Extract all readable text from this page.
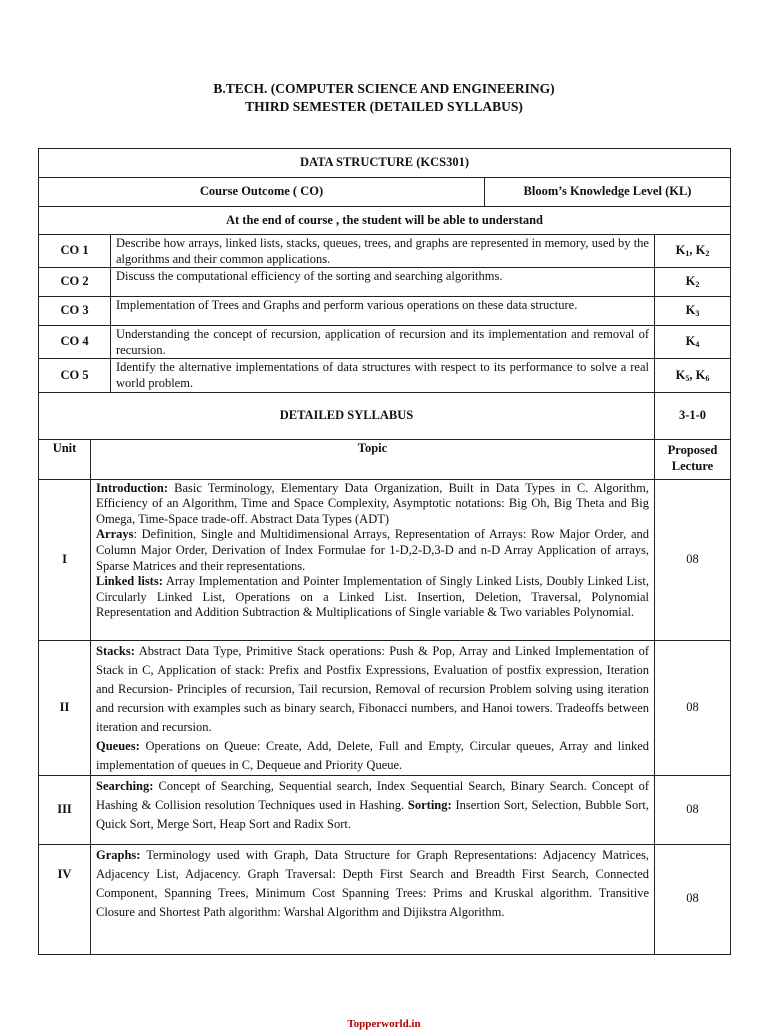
B.TECH. (COMPUTER SCIENCE AND ENGINEERING)
THIRD SEMESTER (DETAILED SYLLABUS)
DATA STRUCTURE (KCS301)				
Course Outcome ( CO)			Bloom’s Knowledge Level (KL)	
At the end of course , the student will be able to understand				
CO 1		Describe how arrays, linked lists, stacks, queues, trees, and graphs are represented in memory, used by the algorithms and their common applications.		$K_1$, $K_2$
CO 2		Discuss the computational efficiency of the sorting and searching algorithms.		$K_2$
CO 3		Implementation of Trees and Graphs and perform various operations on these data structure.		$K_3$
CO 4		Understanding the concept of recursion, application of recursion and its implementation and removal of recursion.		$K_4$
CO 5		Identify the alternative implementations of data structures with respect to its performance to solve a real world problem.		$K_5$, $K_6$
DETAILED SYLLABUS				3-1-0
Unit	Topic			Proposed Lecture
I	Introduction: Basic Terminology, Elementary Data Organization, Built in Data Types in C. Algorithm, Efficiency of an Algorithm, Time and Space Complexity, Asymptotic notations: Big Oh, Big Theta and Big Omega, Time-Space trade-off. Abstract Data Types (ADT)
Arrays: Definition, Single and Multidimensional Arrays, Representation of Arrays: Row Major Order, and Column Major Order, Derivation of Index Formulae for 1-D,2-D,3-D and n-D Array Application of arrays, Sparse Matrices and their representations.
Linked lists: Array Implementation and Pointer Implementation of Singly Linked Lists, Doubly Linked List, Circularly Linked List, Operations on a Linked List. Insertion, Deletion, Traversal, Polynomial Representation and Addition Subtraction & Multiplications of Single variable & Two variables Polynomial.			08
II	Stacks: Abstract Data Type, Primitive Stack operations: Push & Pop, Array and Linked Implementation of Stack in C, Application of stack: Prefix and Postfix Expressions, Evaluation of postfix expression, Iteration and Recursion- Principles of recursion, Tail recursion, Removal of recursion Problem solving using iteration and recursion with examples such as binary search, Fibonacci numbers, and Hanoi towers. Tradeoffs between iteration and recursion.
Queues: Operations on Queue: Create, Add, Delete, Full and Empty, Circular queues, Array and linked implementation of queues in C, Dequeue and Priority Queue.			08
III	Searching: Concept of Searching, Sequential search, Index Sequential Search, Binary Search. Concept of Hashing & Collision resolution Techniques used in Hashing. Sorting: Insertion Sort, Selection, Bubble Sort, Quick Sort, Merge Sort, Heap Sort and Radix Sort.			08
IV	Graphs: Terminology used with Graph, Data Structure for Graph Representations: Adjacency Matrices, Adjacency List, Adjacency. Graph Traversal: Depth First Search and Breadth First Search, Connected Component, Spanning Trees, Minimum Cost Spanning Trees: Prims and Kruskal algorithm. Transitive Closure and Shortest Path algorithm: Warshal Algorithm and Dijikstra Algorithm.			08
Topperworld.in
